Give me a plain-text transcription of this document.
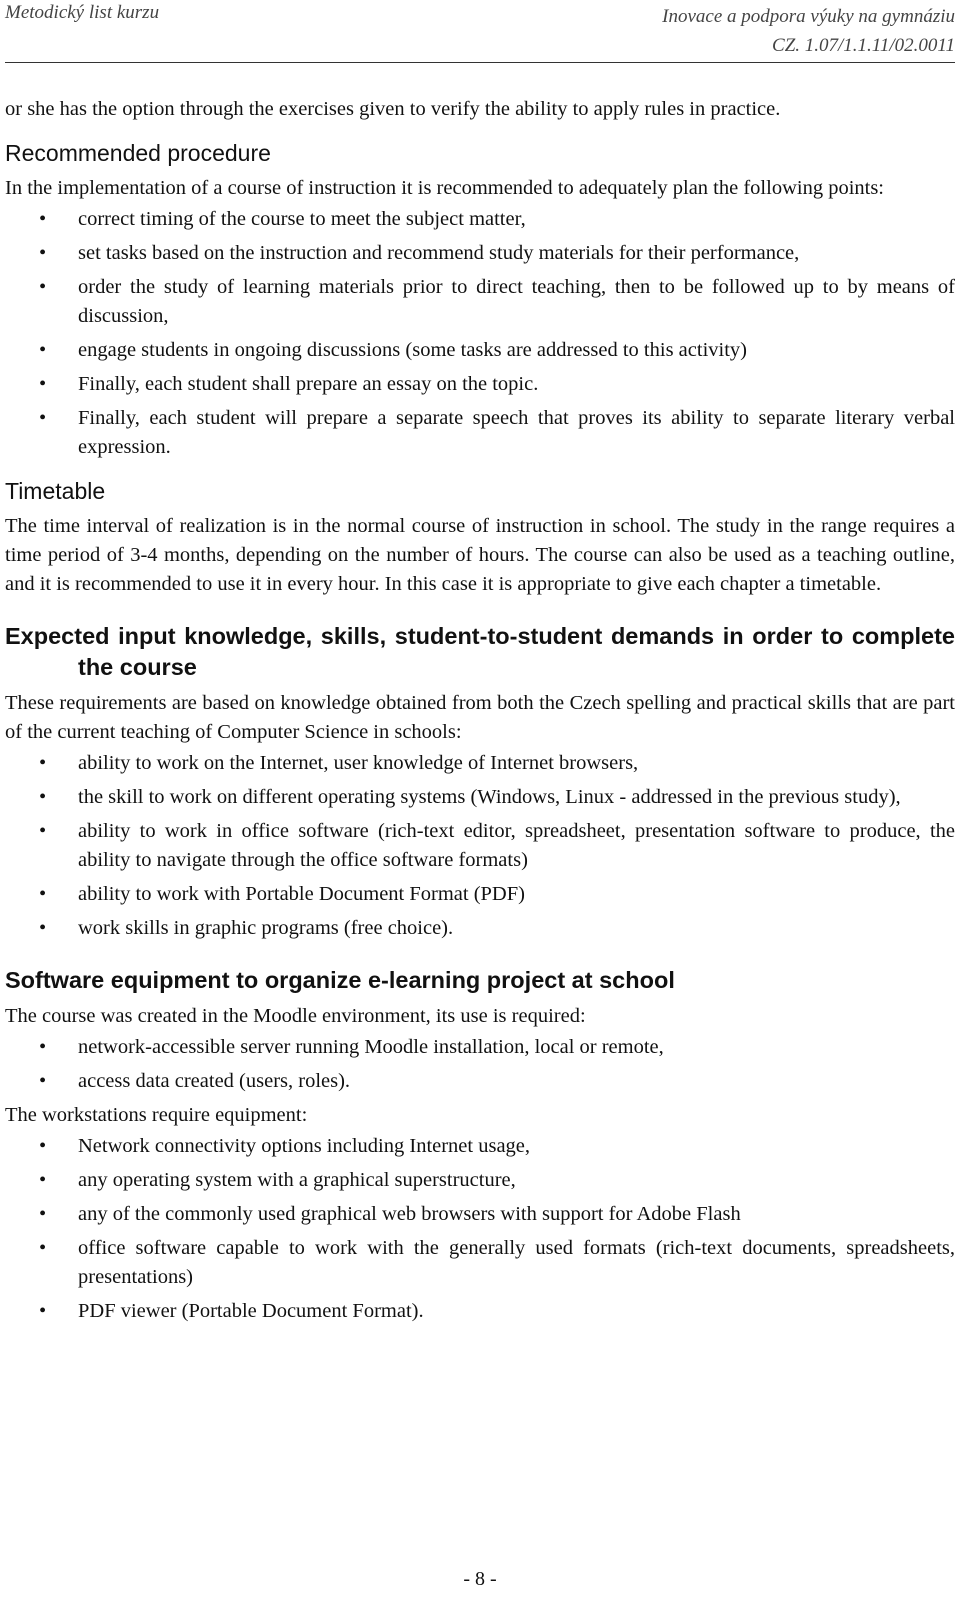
Metodický list kurzu	Inovace a podpora výuky na gymnáziu
CZ. 1.07/1.1.11/02.0011

or she has the option through the exercises given to verify the ability to apply rules in practice.

Recommended procedure

In the implementation of a course of instruction it is recommended to adequately plan the following points:

• correct timing of the course to meet the subject matter,
• set tasks based on the instruction and recommend study materials for their performance,
• order the study of learning materials prior to direct teaching, then to be followed up to by means of discussion,
• engage students in ongoing discussions (some tasks are addressed to this activity)
• Finally, each student shall prepare an essay on the topic.
• Finally, each student will prepare a separate speech that proves its ability to separate literary verbal expression.
Timetable

The time interval of realization is in the normal course of instruction in school. The study in the range requires a time period of 3-4 months, depending on the number of hours. The course can also be used as a teaching outline, and it is recommended to use it in every hour. In this case it is appropriate to give each chapter a timetable.

Expected input knowledge, skills, student-to-student demands in order to complete the course

These requirements are based on knowledge obtained from both the Czech spelling and practical skills that are part of the current teaching of Computer Science in schools:

• ability to work on the Internet, user knowledge of Internet browsers,
• the skill to work on different operating systems (Windows, Linux - addressed in the previous study),
• ability to work in office software (rich-text editor, spreadsheet, presentation software to produce, the ability to navigate through the office software formats)
• ability to work with Portable Document Format (PDF)
• work skills in graphic programs (free choice).
Software equipment to organize e-learning project at school

The course was created in the Moodle environment, its use is required:

• network-accessible server running Moodle installation, local or remote,
• access data created (users, roles).

The workstations require equipment:

• Network connectivity options including Internet usage,
• any operating system with a graphical superstructure,
• any of the commonly used graphical web browsers with support for Adobe Flash
• office software capable to work with the generally used formats (rich-text documents, spreadsheets, presentations)
• PDF viewer (Portable Document Format).
- 8 -
